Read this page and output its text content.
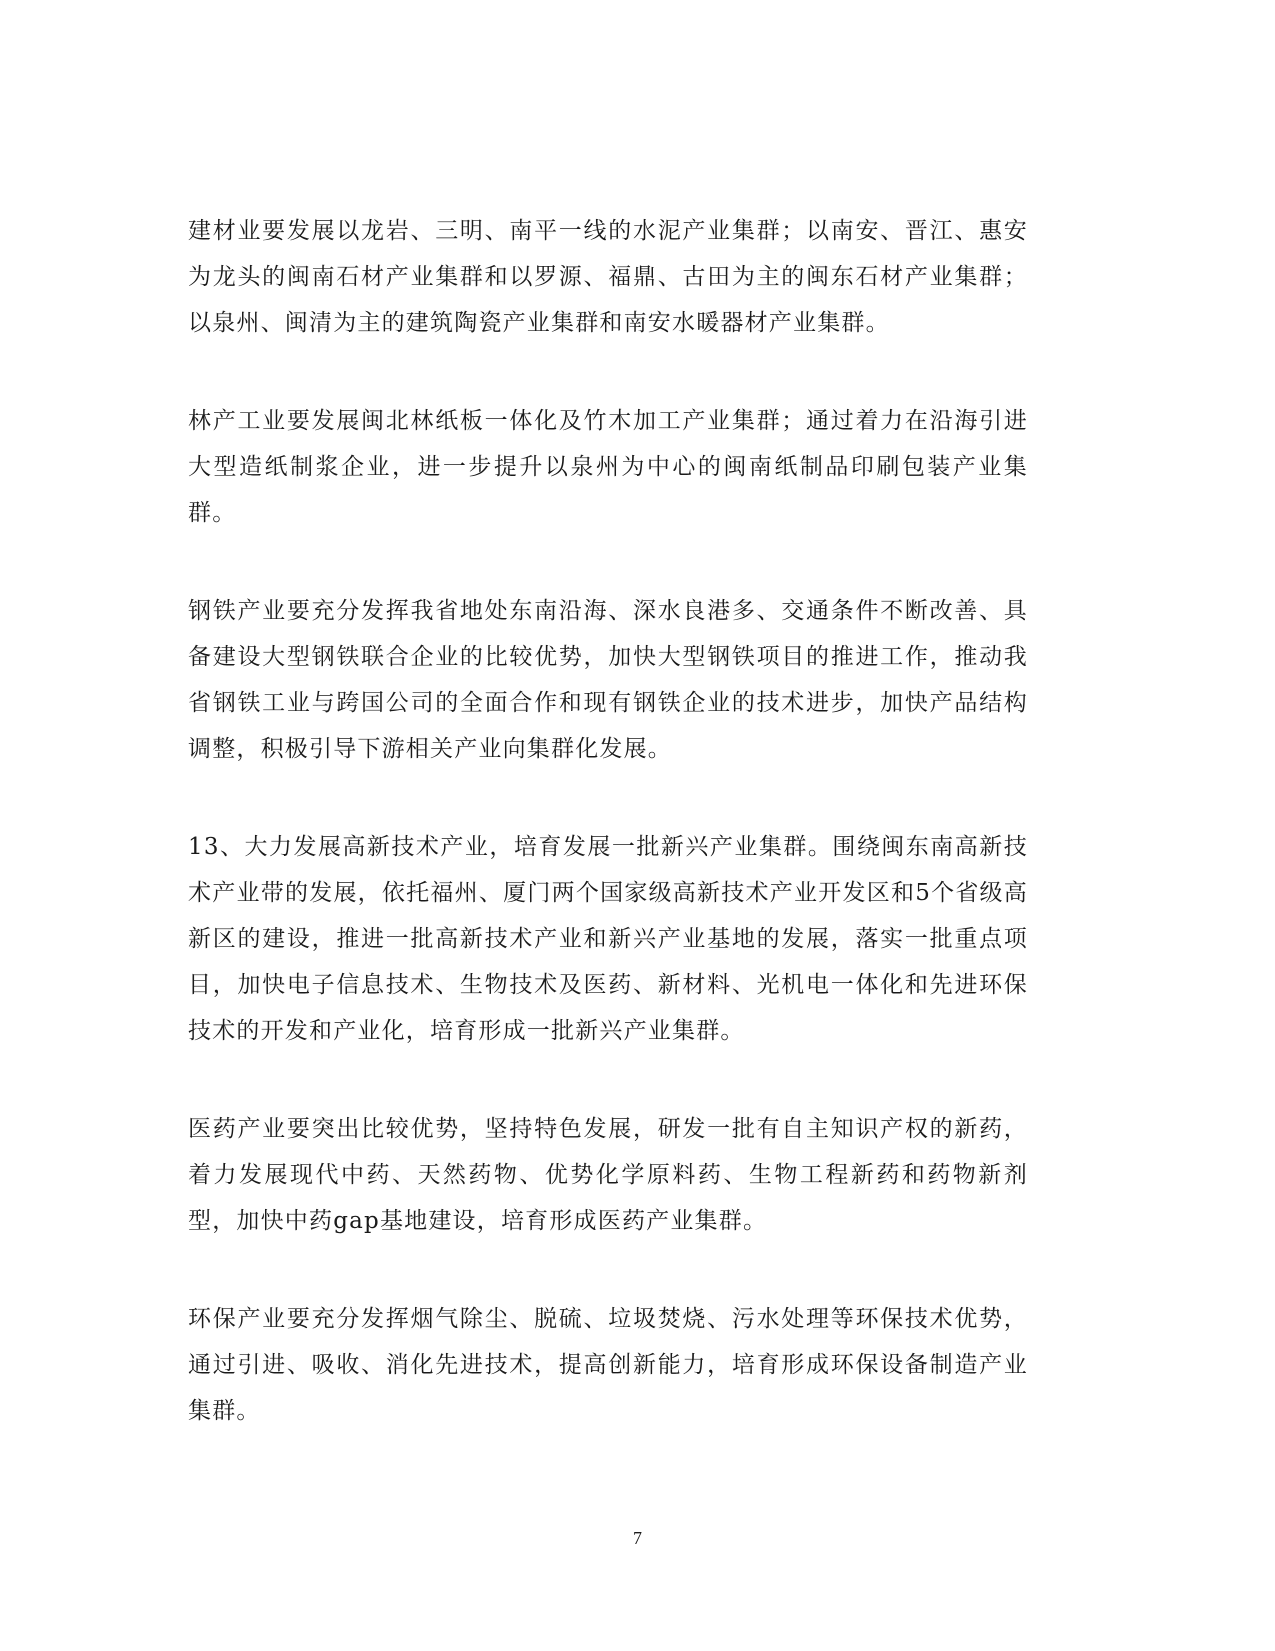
建材业要发展以龙岩、三明、南平一线的水泥产业集群；以南安、晋江、惠安为龙头的闽南石材产业集群和以罗源、福鼎、古田为主的闽东石材产业集群；以泉州、闽清为主的建筑陶瓷产业集群和南安水暖器材产业集群。

林产工业要发展闽北林纸板一体化及竹木加工产业集群；通过着力在沿海引进大型造纸制浆企业，进一步提升以泉州为中心的闽南纸制品印刷包装产业集群。

钢铁产业要充分发挥我省地处东南沿海、深水良港多、交通条件不断改善、具备建设大型钢铁联合企业的比较优势，加快大型钢铁项目的推进工作，推动我省钢铁工业与跨国公司的全面合作和现有钢铁企业的技术进步，加快产品结构调整，积极引导下游相关产业向集群化发展。

13、大力发展高新技术产业，培育发展一批新兴产业集群。围绕闽东南高新技术产业带的发展，依托福州、厦门两个国家级高新技术产业开发区和5个省级高新区的建设，推进一批高新技术产业和新兴产业基地的发展，落实一批重点项目，加快电子信息技术、生物技术及医药、新材料、光机电一体化和先进环保技术的开发和产业化，培育形成一批新兴产业集群。

医药产业要突出比较优势，坚持特色发展，研发一批有自主知识产权的新药，着力发展现代中药、天然药物、优势化学原料药、生物工程新药和药物新剂型，加快中药gap基地建设，培育形成医药产业集群。

环保产业要充分发挥烟气除尘、脱硫、垃圾焚烧、污水处理等环保技术优势，通过引进、吸收、消化先进技术，提高创新能力，培育形成环保设备制造产业集群。

7
